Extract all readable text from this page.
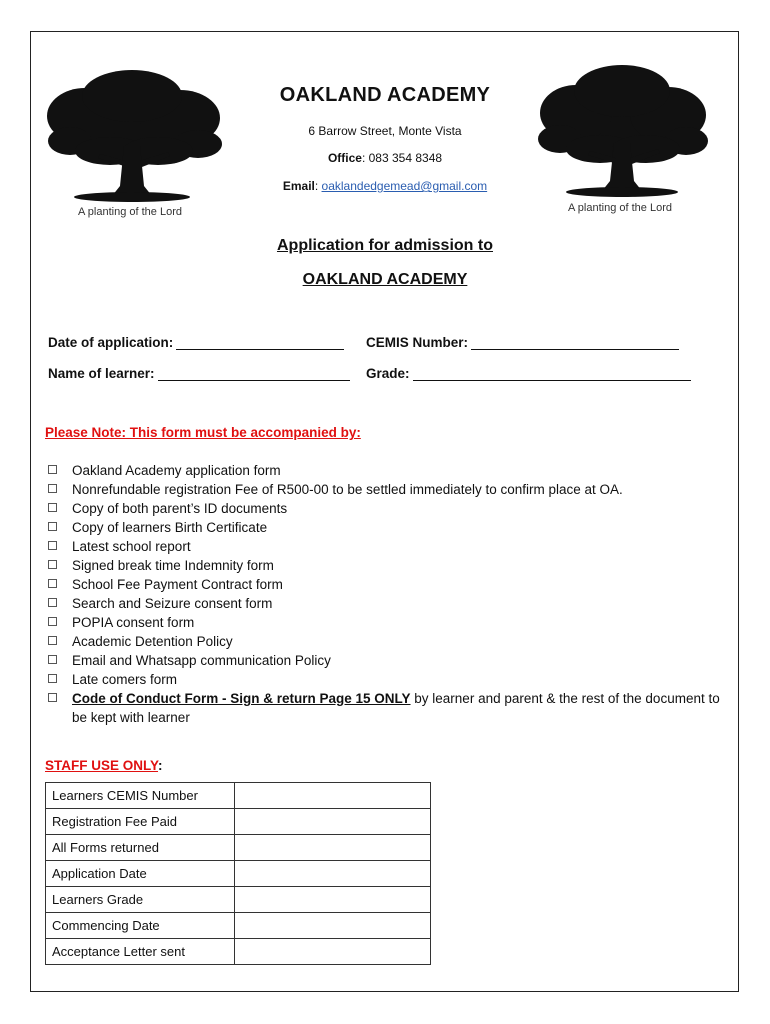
A planting of the Lord	A planting of the Lord
OAKLAND ACADEMY
6 Barrow Street, Monte Vista
Office: 083 354 8348
Email: oaklandedgemead@gmail.com
Application for admission to
OAKLAND ACADEMY
Date of application:	CEMIS Number:
Name of learner:	Grade:
Please Note: This form must be accompanied by:
Oakland Academy application form
Nonrefundable registration Fee of R500-00 to be settled immediately to confirm place at OA.
Copy of both parent’s ID documents
Copy of learners Birth Certificate
Latest school report
Signed break time Indemnity form
School Fee Payment Contract form
Search and Seizure consent form
POPIA consent form
Academic Detention Policy
Email and Whatsapp communication Policy
Late comers form
Code of Conduct Form - Sign & return Page 15 ONLY by learner and parent & the rest of the document to be kept with learner
STAFF USE ONLY:
Learners CEMIS Number	
Registration Fee Paid	
All Forms returned	
Application Date	
Learners Grade	
Commencing Date	
Acceptance Letter sent	
